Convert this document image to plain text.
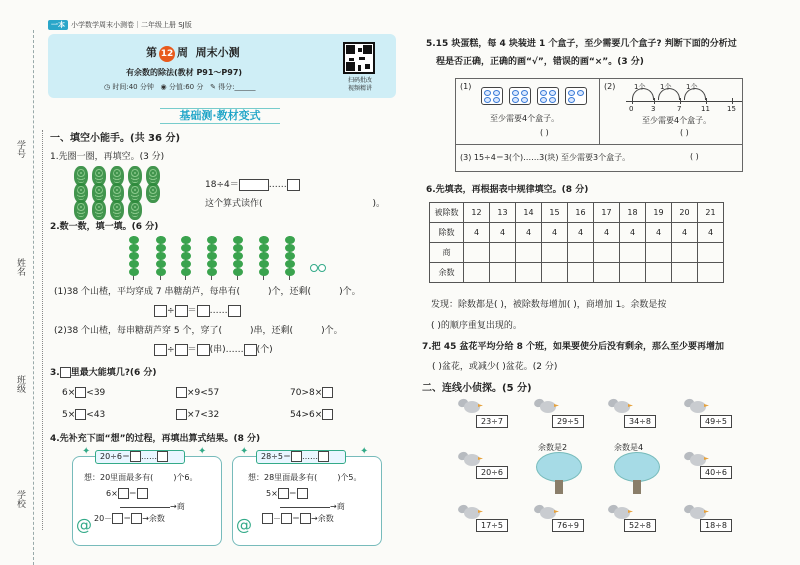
学号
姓名
班级
学校
一本 小学数学周末小测卷｜二年级上册 SJ版
第 12 周 周末小测
有余数的除法(教材 P91～P97)
◷ 时间:40 分钟 ◉ 分值:60 分 ✎ 得分:______
扫码批改
视频精讲
基础测·教材变式
一、填空小能手。(共 36 分)
1.先圈一圈，再填空。(3 分)
18÷4＝	……
这个算式读作(	)。
2.数一数，填一填。(6 分)
(1)38 个山楂，平均穿成 7 串糖葫芦，每串有(	)个，还剩(	)个。
÷ ＝ ……
(2)38 个山楂，每串糖葫芦穿 5 个，穿了(	)串，还剩(	)个。
÷ ＝ (串)…… (个)
3. 里最大能填几?(6 分)
6× <39	×9<57	70>8×
5× <43	×7<32	54>6×
4.先补充下面“想”的过程，再填出算式结果。(8 分)
✦	✦
20÷6＝ ……
想：20里面最多有(	)个6。
6× ＝
→商
20－ ＝ →余数
@
✦	✦
28÷5＝ ……
想：28里面最多有(	)个5。
5× ＝
→商
－ ＝ →余数
@
5.15 块蛋糕，每 4 块装进 1 个盒子，至少需要几个盒子? 判断下面的分析过
程是否正确，正确的画“√”，错误的画“×”。(3 分)
(1)
至少需要4个盒子。
( )
(2)	1个 1个 1个
0	3	7	11 15
至少需要4个盒子。
( )
(3) 15÷4＝3(个)……3(块) 至少需要3个盒子。	( )
6.先填表，再根据表中规律填空。(8 分)
被除数	12	13	14	15	16	17	18	19	20	21
除数	4	4	4	4	4	4	4	4	4	4
商										
余数										
发现：除数都是( )，被除数每增加( )，商增加 1。余数是按
( )的顺序重复出现的。
7.把 45 盆花平均分给 8 个班，如果要使分后没有剩余，那么至少要再增加
( )盆花，或减少( )盆花。(2 分)
二、连线小侦探。(5 分)
23÷7	29÷5	34÷8	49÷5
20÷6
余数是2	余数是4
40÷6
17÷5	76÷9	52÷8	18÷8
